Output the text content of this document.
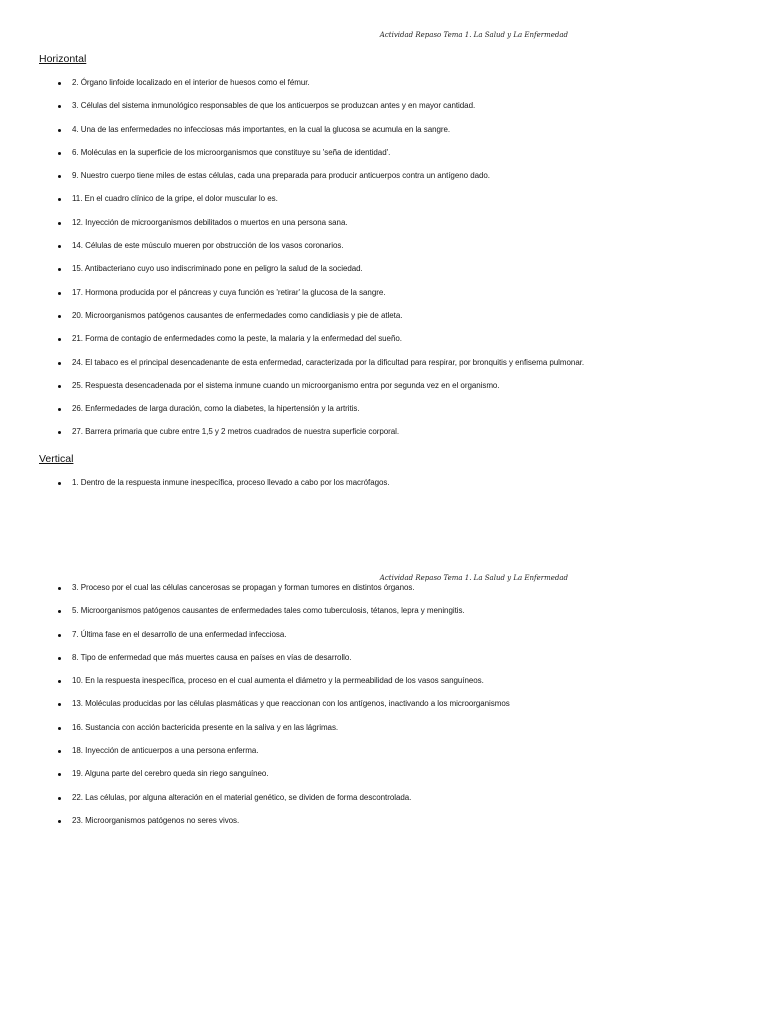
Actividad Repaso Tema 1. La Salud y La Enfermedad
Horizontal
2. Órgano linfoide localizado en el interior de huesos como el fémur.
3. Células del sistema inmunológico responsables de que los anticuerpos se produzcan antes y en mayor cantidad.
4. Una de las enfermedades no infecciosas más importantes, en la cual la glucosa se acumula en la sangre.
6. Moléculas en la superficie de los microorganismos que constituye su 'seña de identidad'.
9. Nuestro cuerpo tiene miles de estas células, cada una preparada para producir anticuerpos contra un antígeno dado.
11. En el cuadro clínico de la gripe, el dolor muscular lo es.
12. Inyección de microorganismos debilitados o muertos en una persona sana.
14. Células de este músculo mueren por obstrucción de los vasos coronarios.
15. Antibacteriano cuyo uso indiscriminado pone en peligro la salud de la sociedad.
17. Hormona producida por el páncreas y cuya función es 'retirar' la glucosa de la sangre.
20. Microorganismos patógenos causantes de enfermedades como candidiasis y pie de atleta.
21. Forma de contagio de enfermedades como la peste, la malaria y la enfermedad del sueño.
24. El tabaco es el principal desencadenante de esta enfermedad, caracterizada por la dificultad para respirar, por bronquitis y enfisema pulmonar.
25. Respuesta desencadenada por el sistema inmune cuando un microorganismo entra por segunda vez en el organismo.
26. Enfermedades de larga duración, como la diabetes, la hipertensión y la artritis.
27. Barrera primaria que cubre entre 1,5 y 2 metros cuadrados de nuestra superficie corporal.
Vertical
1. Dentro de la respuesta inmune inespecífica, proceso llevado a cabo por los macrófagos.
Actividad Repaso Tema 1. La Salud y La Enfermedad
3. Proceso por el cual las células cancerosas se propagan y forman tumores en distintos órganos.
5. Microorganismos patógenos causantes de enfermedades tales como tuberculosis, tétanos, lepra y meningitis.
7. Última fase en el desarrollo de una enfermedad infecciosa.
8. Tipo de enfermedad que más muertes causa en países en vías de desarrollo.
10. En la respuesta inespecífica, proceso en el cual aumenta el diámetro y la permeabilidad de los vasos sanguíneos.
13. Moléculas producidas por las células plasmáticas y que reaccionan con los antígenos, inactivando a los microorganismos
16. Sustancia con acción bactericida presente en la saliva y en las lágrimas.
18. Inyección de anticuerpos a una persona enferma.
19. Alguna parte del cerebro queda sin riego sanguíneo.
22. Las células, por alguna alteración en el material genético, se dividen de forma descontrolada.
23. Microorganismos patógenos no seres vivos.
